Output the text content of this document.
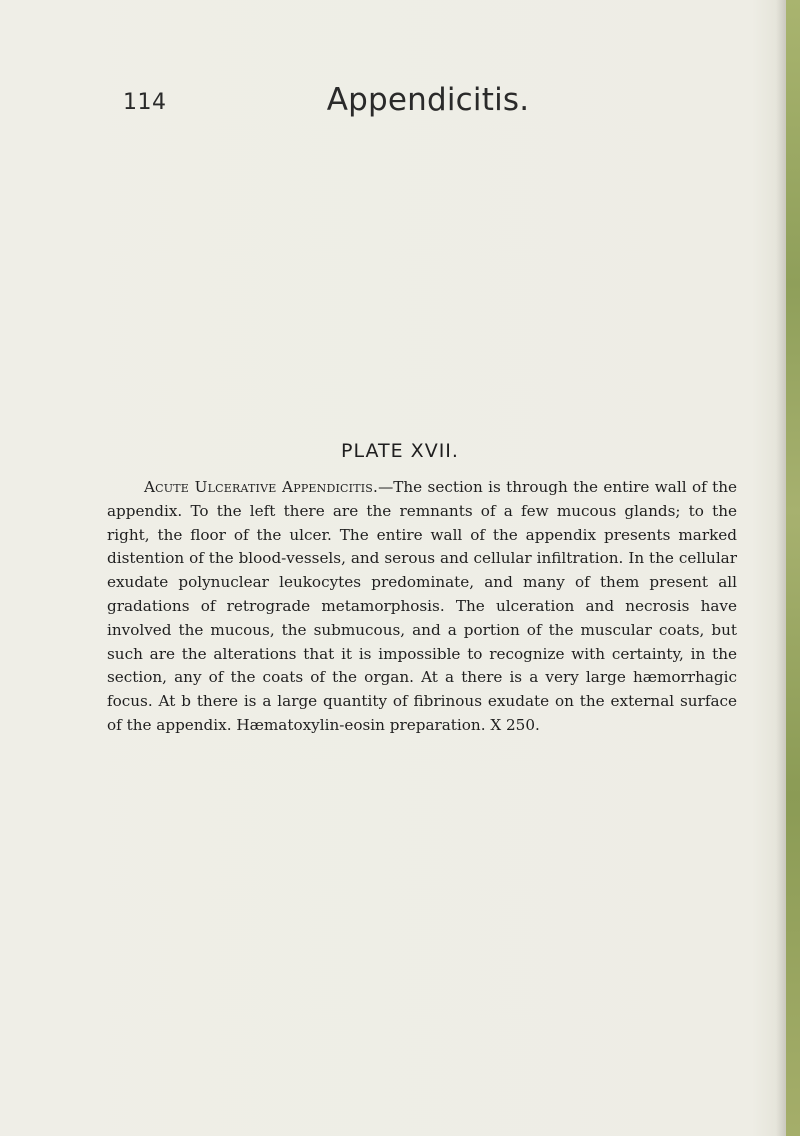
114	Appendicitis.
PLATE XVII.

Acute Ulcerative Appendicitis.—The section is through the entire wall of the appendix. To the left there are the remnants of a few mucous glands; to the right, the floor of the ulcer. The entire wall of the appendix presents marked distention of the blood-vessels, and serous and cellular infiltration. In the cellular exudate polynuclear leukocytes predominate, and many of them present all gradations of retrograde metamorphosis. The ulceration and necrosis have involved the mucous, the submucous, and a portion of the muscular coats, but such are the alterations that it is impossible to recognize with certainty, in the section, any of the coats of the organ. At a there is a very large hæmorrhagic focus. At b there is a large quantity of fibrinous exudate on the external surface of the appendix. Hæmatoxylin-eosin preparation. X 250.
